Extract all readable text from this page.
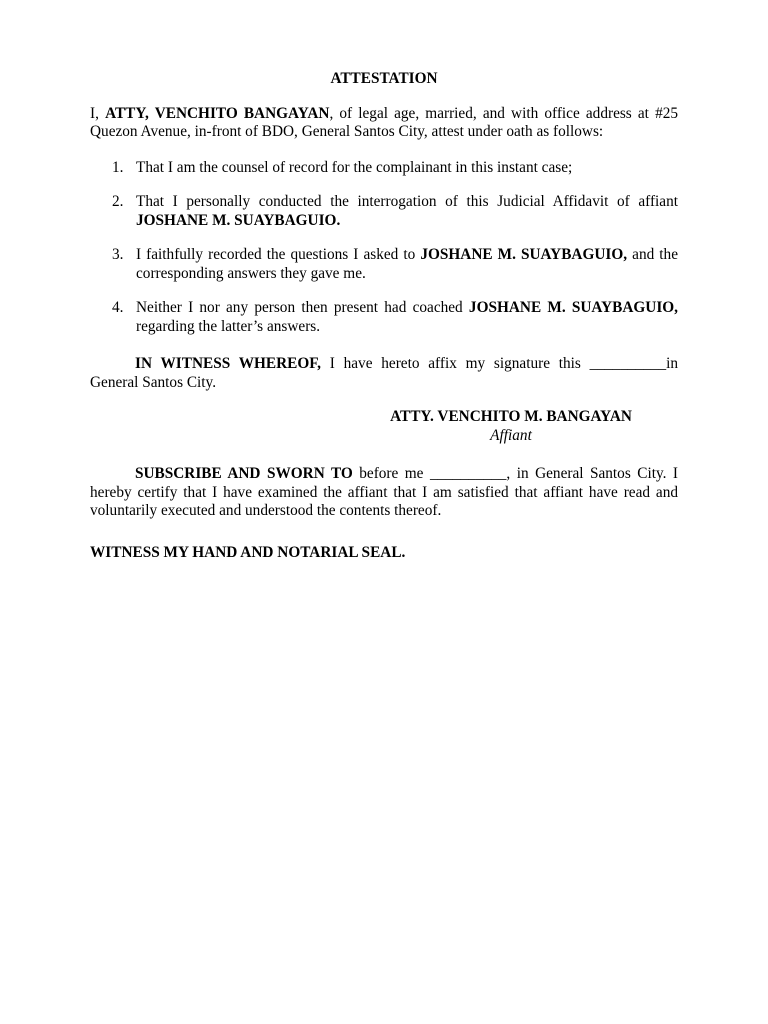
ATTESTATION

I, ATTY, VENCHITO BANGAYAN, of legal age, married, and with office address at #25 Quezon Avenue, in-front of BDO, General Santos City, attest under oath as follows:

1. That I am the counsel of record for the complainant in this instant case;
2. That I personally conducted the interrogation of this Judicial Affidavit of affiant JOSHANE M. SUAYBAGUIO.
3. I faithfully recorded the questions I asked to JOSHANE M. SUAYBAGUIO, and the corresponding answers they gave me.
4. Neither I nor any person then present had coached JOSHANE M. SUAYBAGUIO, regarding the latter’s answers.

IN WITNESS WHEREOF, I have hereto affix my signature this __________in General Santos City.

ATTY. VENCHITO M. BANGAYAN
Affiant

SUBSCRIBE AND SWORN TO before me __________, in General Santos City. I hereby certify that I have examined the affiant that I am satisfied that affiant have read and voluntarily executed and understood the contents thereof.

WITNESS MY HAND AND NOTARIAL SEAL.
